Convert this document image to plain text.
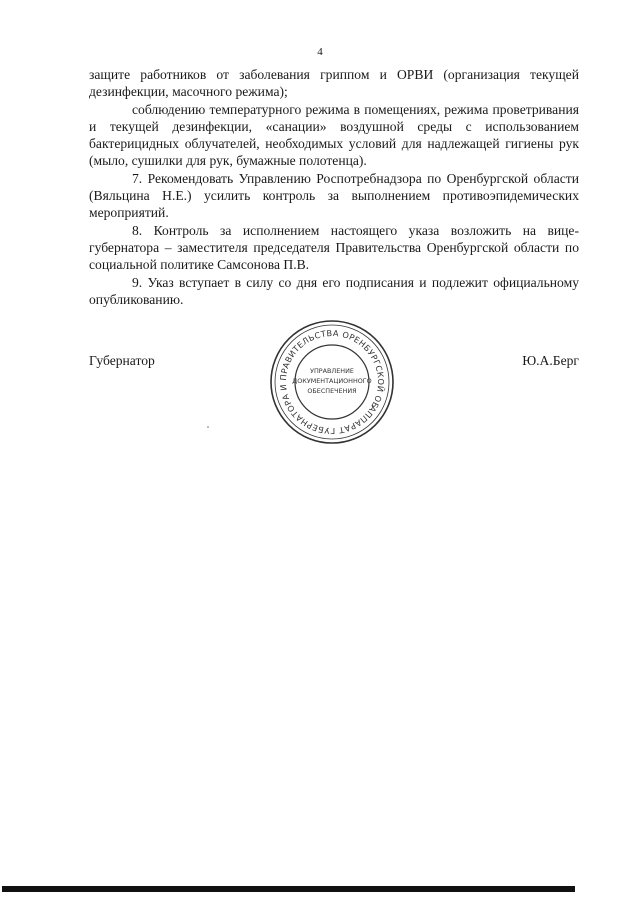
4

защите работников от заболевания гриппом и ОРВИ (организация текущей дезинфекции, масочного режима);

соблюдению температурного режима в помещениях, режима проветривания и текущей дезинфекции, «санации» воздушной среды с использованием бактерицидных облучателей, необходимых условий для надлежащей гигиены рук (мыло, сушилки для рук, бумажные полотенца).

7. Рекомендовать Управлению Роспотребнадзора по Оренбургской области (Вяльцина Н.Е.) усилить контроль за выполнением противоэпидемических мероприятий.

8. Контроль за исполнением настоящего указа возложить на вице-губернатора – заместителя председателя Правительства Оренбургской области по социальной политике Самсонова П.В.

9. Указ вступает в силу со дня его подписания и подлежит официальному опубликованию.

Губернатор	Ю.А.Берг
АППАРАТ ГУБЕРНАТОРА И ПРАВИТЕЛЬСТВА ОРЕНБУРГСКОЙ ОБ
УПРАВЛЕНИЕ
ДОКУМЕНТАЦИОННОГО
ОБЕСПЕЧЕНИЯ
